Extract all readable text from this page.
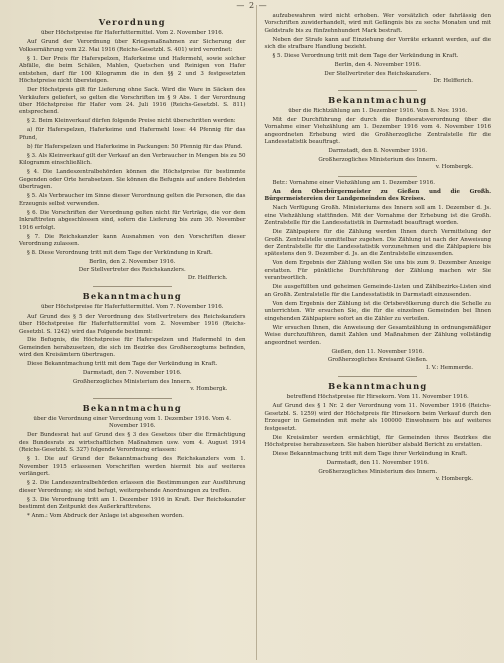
— 2 —
Verordnung
über Höchstpreise für Haferfuttermittel. Vom 2. November 1916.

Auf Grund der Verordnung über Kriegsmaßnahmen zur Sicherung der Volksernährung vom 22. Mai 1916 (Reichs-Gesetzbl. S. 401) wird verordnet:

§ 1. Der Preis für Haferspelzen, Haferkeime und Hafermehl, sowie solcher Abfälle, die beim Schälen, Mahlen, Quetschen und Reinigen von Hafer entstehen, darf für 100 Kilogramm die in den §§ 2 und 3 festgesetzten Höchstpreise nicht übersteigen.

Der Höchstpreis gilt für Lieferung ohne Sack. Wird die Ware in Säcken des Verkäufers geliefert, so gelten die Vorschriften im § 9 Abs. 1 der Verordnung über Höchstpreise für Hafer vom 24. Juli 1916 (Reichs-Gesetzbl. S. 811) entsprechend.

§ 2. Beim Kleinverkauf dürfen folgende Preise nicht überschritten werden:

a) für Haferspelzen, Haferkeime und Hafermehl lose: 44 Pfennig für das Pfund,

b) für Haferspelzen und Haferkeime in Packungen: 50 Pfennig für das Pfund.

§ 3. Als Kleinverkauf gilt der Verkauf an den Verbraucher in Mengen bis zu 50 Kilogramm einschließlich.

§ 4. Die Landeszentralbehörden können die Höchstpreise für bestimmte Gegenden oder Orte herabsetzen. Sie können die Befugnis auf andere Behörden übertragen.

§ 5. Als Verbraucher im Sinne dieser Verordnung gelten die Personen, die das Erzeugnis selbst verwenden.

§ 6. Die Vorschriften der Verordnung gelten nicht für Verträge, die vor dem Inkrafttreten abgeschlossen sind, sofern die Lieferung bis zum 30. November 1916 erfolgt.

§ 7. Die Reichskanzler kann Ausnahmen von den Vorschriften dieser Verordnung zulassen.

§ 8. Diese Verordnung tritt mit dem Tage der Verkündung in Kraft.

Berlin, den 2. November 1916.

Der Stellvertreter des Reichskanzlers.

Dr. Helfferich.

Bekanntmachung
über Höchstpreise für Haferfuttermittel. Vom 7. November 1916.

Auf Grund des § 5 der Verordnung des Stellvertreters des Reichskanzlers über Höchstpreise für Haferfuttermittel vom 2. November 1916 (Reichs-Gesetzbl. S. 1242) wird das Folgende bestimmt:

Die Befugnis, die Höchstpreise für Haferspelzen und Hafermehl in den Gemeinden herabzusetzen, die sich im Bezirke des Großherzogtums befinden, wird den Kreisämtern übertragen.

Diese Bekanntmachung tritt mit dem Tage der Verkündung in Kraft.

Darmstadt, den 7. November 1916.

Großherzogliches Ministerium des Innern.

v. Hombergk.

Bekanntmachung
über die Verordnung einer Verordnung vom 1. Dezember 1916. Vom 4. November 1916.

Der Bundesrat hat auf Grund des § 3 des Gesetzes über die Ermächtigung des Bundesrats zu wirtschaftlichen Maßnahmen usw. vom 4. August 1914 (Reichs-Gesetzbl. S. 327) folgende Verordnung erlassen:

§ 1. Die auf Grund der Bekanntmachung des Reichskanzlers vom 1. November 1915 erlassenen Vorschriften werden hiermit bis auf weiteres verlängert.

§ 2. Die Landeszentralbehörden erlassen die Bestimmungen zur Ausführung dieser Verordnung; sie sind befugt, weitergehende Anordnungen zu treffen.

§ 3. Die Verordnung tritt am 1. Dezember 1916 in Kraft. Der Reichskanzler bestimmt den Zeitpunkt des Außerkrafttretens.

* Anm.: Vom Abdruck der Anlage ist abgesehen worden.

aufzubewahren wird nicht erhoben. Wer vorsätzlich oder fahrlässig den Vorschriften zuwiderhandelt, wird mit Gefängnis bis zu sechs Monaten und mit Geldstrafe bis zu fünfzehnhundert Mark bestraft.

Neben der Strafe kann auf Einziehung der Vorräte erkannt werden, auf die sich die strafbare Handlung bezieht.

§ 5. Diese Verordnung tritt mit dem Tage der Verkündung in Kraft.

Berlin, den 4. November 1916.

Der Stellvertreter des Reichskanzlers.

Dr. Helfferich.

Bekanntmachung
über die Richtzählung am 1. Dezember 1916. Vom 8. Nov. 1916.

Mit der Durchführung der durch die Bundesratsverordnung über die Vornahme einer Viehzählung am 1. Dezember 1916 vom 4. November 1916 angeordneten Erhebung wird die Großherzogliche Zentralstelle für die Landesstatistik beauftragt.

Darmstadt, den 8. November 1916.

Großherzogliches Ministerium des Innern.

v. Hombergk.

Betr.: Vornahme einer Viehzählung am 1. Dezember 1916.

An den Oberbürgermeister zu Gießen und die Großh. Bürgermeistereien der Landgemeinden des Kreises.

Nach Verfügung Großh. Ministeriums des Innern soll am 1. Dezember d. Js. eine Viehzählung stattfinden. Mit der Vornahme der Erhebung ist die Großh. Zentralstelle für die Landesstatistik in Darmstadt beauftragt worden.

Die Zählpapiere für die Zählung werden Ihnen durch Vermittelung der Großh. Zentralstelle unmittelbar zugehen. Die Zählung ist nach der Anweisung der Zentralstelle für die Landesstatistik vorzunehmen und die Zählpapiere bis spätestens den 9. Dezember d. Js. an die Zentralstelle einzusenden.

Von dem Ergebnis der Zählung wollen Sie uns bis zum 9. Dezember Anzeige erstatten. Für pünktliche Durchführung der Zählung machen wir Sie verantwortlich.

Die ausgefüllten und geheimen Gemeinde-Listen und Zählbezirks-Listen sind an Großh. Zentralstelle für die Landesstatistik in Darmstadt einzusenden.

Von dem Ergebnis der Zählung ist die Ortsbevölkerung durch die Schelle zu unterrichten. Wir ersuchen Sie, die für die einzelnen Gemeinden bei Ihnen eingehenden Zählpapiere sofort an die Zähler zu verteilen.

Wir ersuchen Ihnen, die Anweisung der Gesamtzählung in ordnungsmäßiger Weise durchzuführen, damit Zahlen und Maßnahmen der Zählung vollständig angeordnet werden.

Gießen, den 11. November 1916.

Großherzogliches Kreisamt Gießen.

I. V.: Hemmerde.

Bekanntmachung
betreffend Höchstpreise für Hirsekorn. Vom 11. November 1916.

Auf Grund des § 1 Nr. 2 der Verordnung vom 11. November 1916 (Reichs-Gesetzbl. S. 1259) wird der Höchstpreis für Hirsekorn beim Verkauf durch den Erzeuger in Gemeinden mit mehr als 100000 Einwohnern bis auf weiteres festgesetzt.

Die Kreisämter werden ermächtigt, für Gemeinden ihres Bezirkes die Höchstpreise herabzusetzen. Sie haben hierüber alsbald Bericht zu erstatten.

Diese Bekanntmachung tritt mit dem Tage ihrer Verkündung in Kraft.

Darmstadt, den 11. November 1916.

Großherzogliches Ministerium des Innern.

v. Hombergk.
